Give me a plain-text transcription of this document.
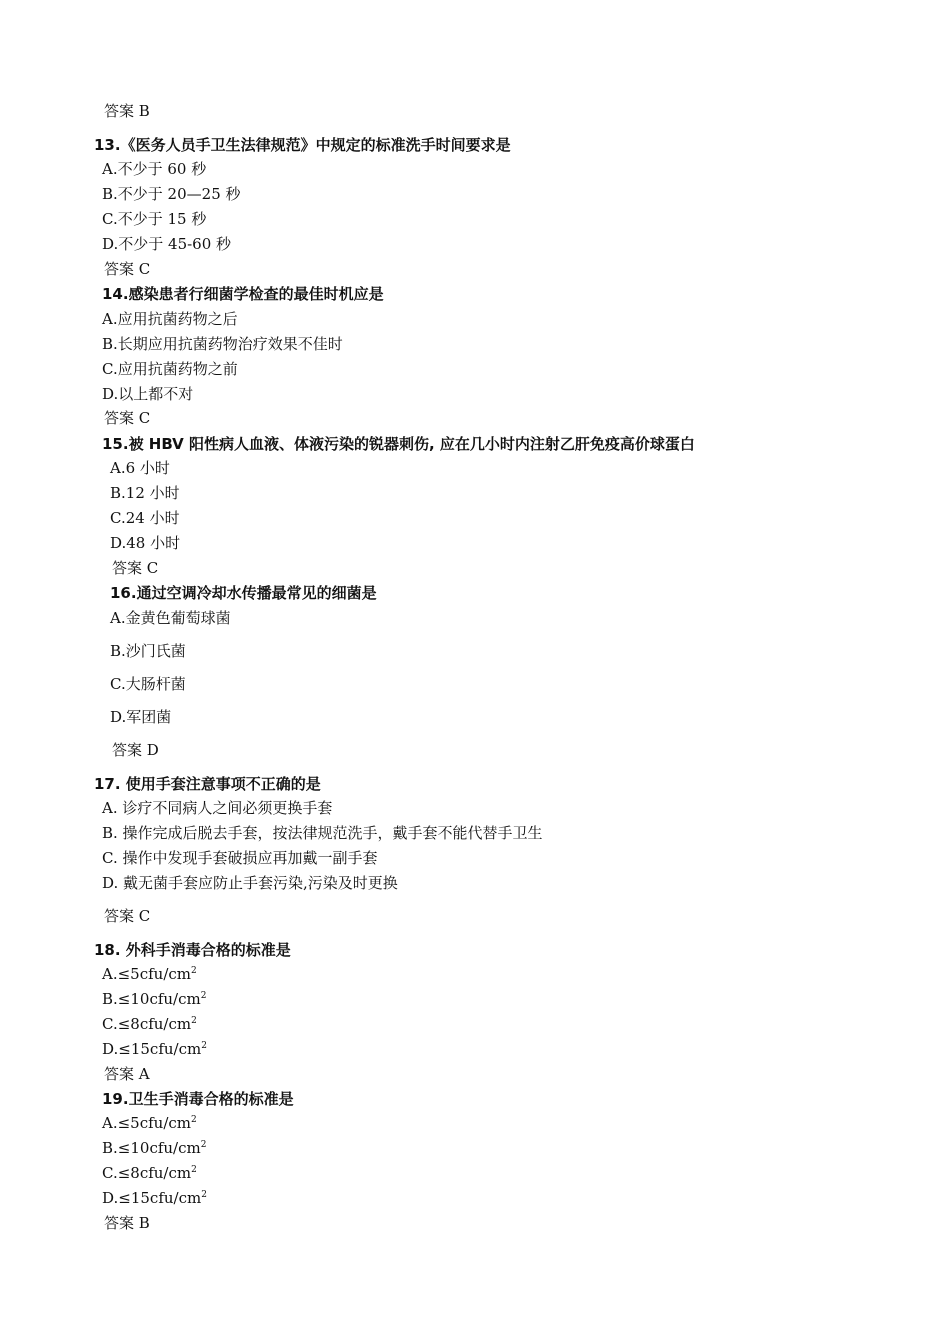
答案 B
13.《医务人员手卫生法律规范》中规定的标准洗手时间要求是
A.不少于 60 秒
B.不少于 20—25 秒
C.不少于 15 秒
D.不少于 45-60 秒
答案 C
14.感染患者行细菌学检查的最佳时机应是
A.应用抗菌药物之后
B.长期应用抗菌药物治疗效果不佳时
C.应用抗菌药物之前
D.以上都不对
答案 C
15.被 HBV 阳性病人血液、体液污染的锐器刺伤, 应在几小时内注射乙肝免疫高价球蛋白
A.6 小时
B.12 小时
C.24 小时
D.48 小时
答案 C
16.通过空调冷却水传播最常见的细菌是
A.金黄色葡萄球菌
B.沙门氏菌
C.大肠杆菌
D.军团菌
答案 D
17. 使用手套注意事项不正确的是
A. 诊疗不同病人之间必须更换手套
B. 操作完成后脱去手套，按法律规范洗手，戴手套不能代替手卫生
C. 操作中发现手套破损应再加戴一副手套
D. 戴无菌手套应防止手套污染,污染及时更换
答案 C
18. 外科手消毒合格的标准是
$A.\le 5cfu/cm^2$
$B.\le 10cfu/cm^2$
$C.\le 8cfu/cm^2$
$D.\le 15cfu/cm^2$
答案 A
19.卫生手消毒合格的标准是
$A.\le 5cfu/cm^2$
$B.\le 10cfu/cm^2$
$C.\le 8cfu/cm^2$
$D.\le 15cfu/cm^2$
答案 B
